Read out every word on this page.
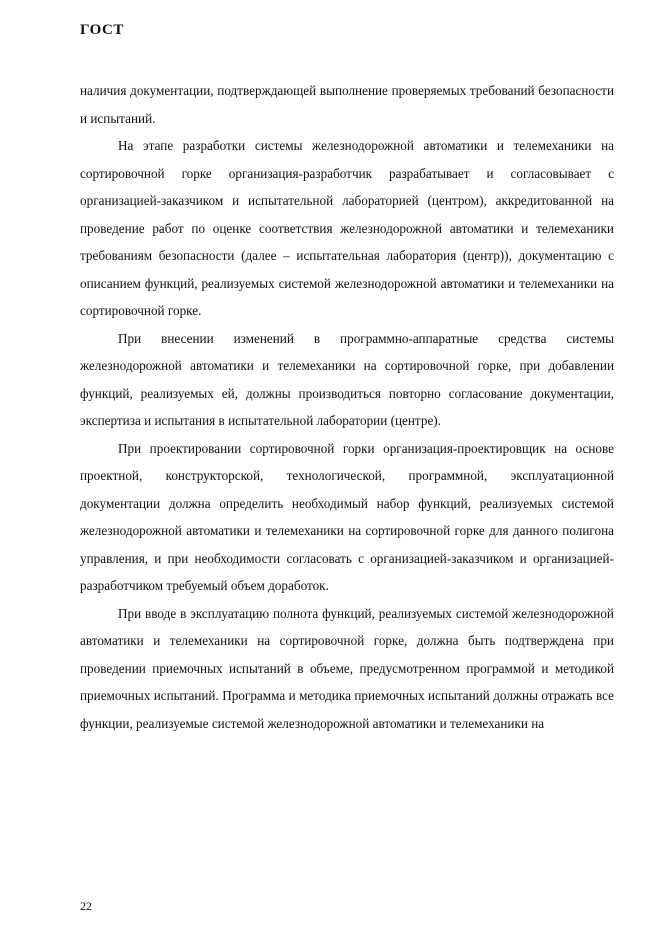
ГОСТ

наличия документации, подтверждающей выполнение проверяемых требований безопасности и испытаний.

На этапе разработки системы железнодорожной автоматики и телемеханики на сортировочной горке организация-разработчик разрабатывает и согласовывает с организацией-заказчиком и испытательной лабораторией (центром), аккредитованной на проведение работ по оценке соответствия железнодорожной автоматики и телемеханики требованиям безопасности (далее – испытательная лаборатория (центр)), документацию с описанием функций, реализуемых системой железнодорожной автоматики и телемеханики на сортировочной горке.

При внесении изменений в программно-аппаратные средства системы железнодорожной автоматики и телемеханики на сортировочной горке, при добавлении функций, реализуемых ей, должны производиться повторно согласование документации, экспертиза и испытания в испытательной лаборатории (центре).

При проектировании сортировочной горки организация-проектировщик на основе проектной, конструкторской, технологической, программной, эксплуатационной документации должна определить необходимый набор функций, реализуемых системой железнодорожной автоматики и телемеханики на сортировочной горке для данного полигона управления, и при необходимости согласовать с организацией-заказчиком и организацией-разработчиком требуемый объем доработок.

При вводе в эксплуатацию полнота функций, реализуемых системой железнодорожной автоматики и телемеханики на сортировочной горке, должна быть подтверждена при проведении приемочных испытаний в объеме, предусмотренном программой и методикой приемочных испытаний. Программа и методика приемочных испытаний должны отражать все функции, реализуемые системой железнодорожной автоматики и телемеханики на

22
